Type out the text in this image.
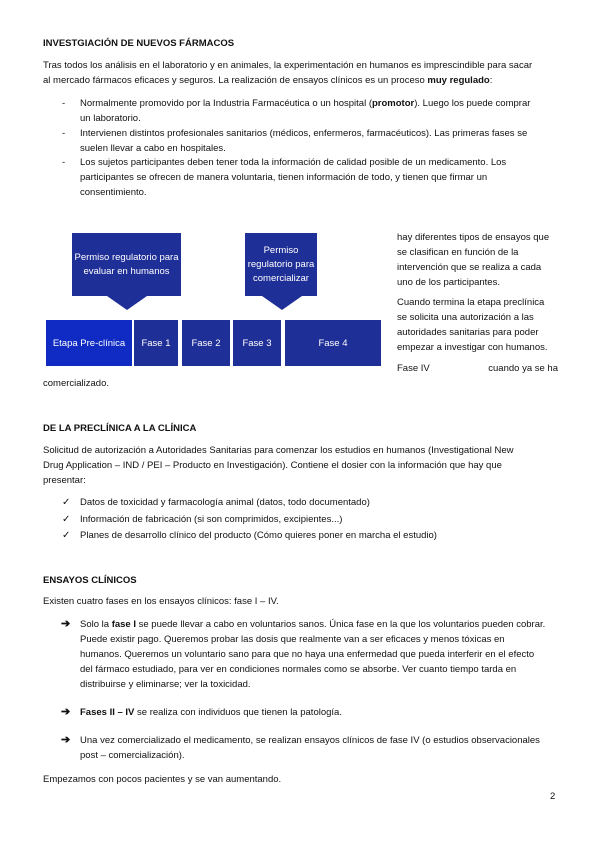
INVESTGIACIÓN DE NUEVOS FÁRMACOS
Tras todos los análisis en el laboratorio y en animales, la experimentación en humanos es imprescindible para sacar
al mercado fármacos eficaces y seguros. La realización de ensayos clínicos es un proceso muy regulado:
- Normalmente promovido por la Industria Farmacéutica o un hospital (promotor). Luego los puede comprar
un laboratorio.
- Intervienen distintos profesionales sanitarios (médicos, enfermeros, farmacéuticos). Las primeras fases se
suelen llevar a cabo en hospitales.
- Los sujetos participantes deben tener toda la información de calidad posible de un medicamento. Los
participantes se ofrecen de manera voluntaria, tienen información de todo, y tienen que firmar un
consentimiento.
Permiso regulatorio para evaluar en humanos
Permiso regulatorio para comercializar
Etapa Pre-clínica	Fase 1	Fase 2	Fase 3	Fase 4
hay diferentes tipos de ensayos que
se clasifican en función de la
intervención que se realiza a cada
uno de los participantes.
Cuando termina la etapa preclínica
se solicita una autorización a las
autoridades sanitarias para poder
empezar a investigar con humanos.
Fase IV	cuando ya se ha
comercializado.
DE LA PRECLÍNICA A LA CLÍNICA
Solicitud de autorización a Autoridades Sanitarias para comenzar los estudios en humanos (Investigational New
Drug Application – IND / PEI – Producto en Investigación). Contiene el dosier con la información que hay que
presentar:
✓ Datos de toxicidad y farmacología animal (datos, todo documentado)
✓ Información de fabricación (si son comprimidos, excipientes...)
✓ Planes de desarrollo clínico del producto (Cómo quieres poner en marcha el estudio)
ENSAYOS CLÍNICOS
Existen cuatro fases en los ensayos clínicos: fase I – IV.
➔ Solo la fase I se puede llevar a cabo en voluntarios sanos. Única fase en la que los voluntarios pueden cobrar.
Puede existir pago. Queremos probar las dosis que realmente van a ser eficaces y menos tóxicas en
humanos. Queremos un voluntario sano para que no haya una enfermedad que pueda interferir en el efecto
del fármaco estudiado, para ver en condiciones normales como se absorbe. Ver cuanto tiempo tarda en
distribuirse y eliminarse; ver la toxicidad.
➔ Fases II – IV se realiza con individuos que tienen la patología.
➔ Una vez comercializado el medicamento, se realizan ensayos clínicos de fase IV (o estudios observacionales
post – comercialización).
Empezamos con pocos pacientes y se van aumentando.
2
